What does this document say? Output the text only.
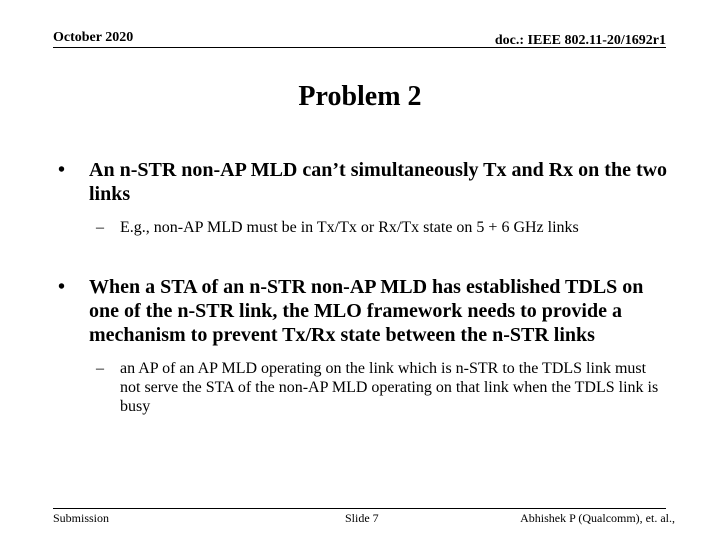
October 2020	doc.: IEEE 802.11-20/1692r1
Problem 2
• An n-STR non-AP MLD can’t simultaneously Tx and Rx on the two links
– E.g., non-AP MLD must be in Tx/Tx or Rx/Tx state on 5 + 6 GHz links
• When a STA of an n-STR non-AP MLD has established TDLS on one of the n-STR link, the MLO framework needs to provide a mechanism to prevent Tx/Rx state between the n-STR links
– an AP of an AP MLD operating on the link which is n-STR to the TDLS link must not serve the STA of the non-AP MLD operating on that link when the TDLS link is busy
Submission	Slide 7	Abhishek P (Qualcomm), et. al.,
